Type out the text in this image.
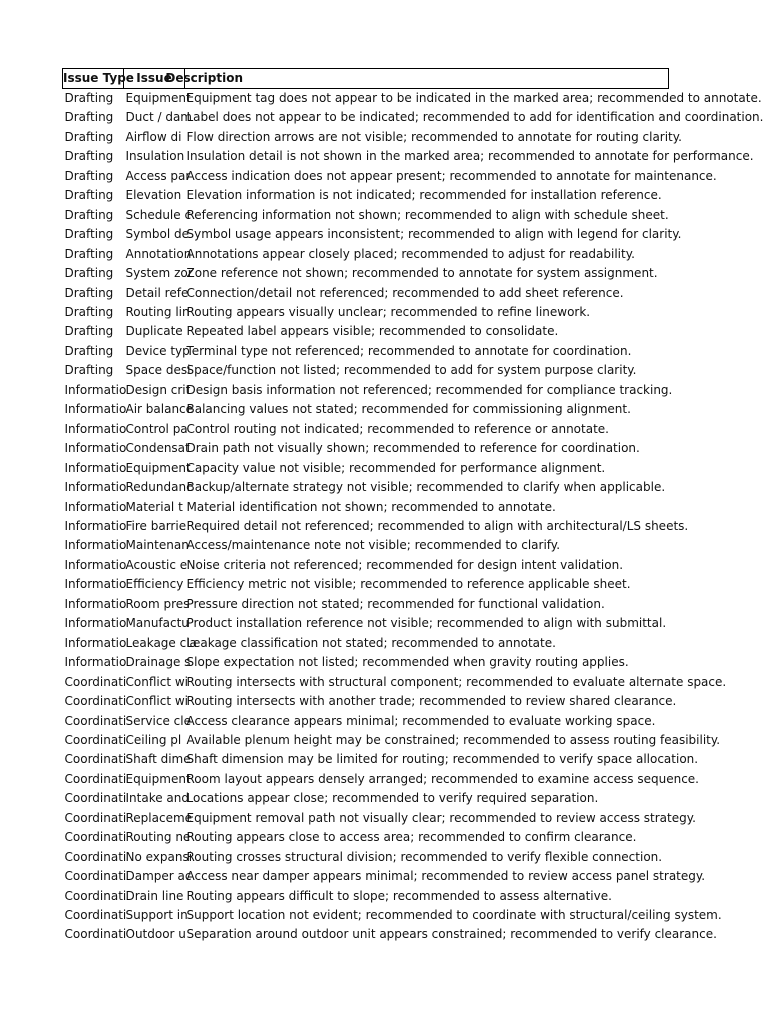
Issue Type	Issue	Description

Drafting	Equipment	Equipment tag does not appear to be indicated in the marked area; recommended to annotate.
Drafting	Duct / dam	Label does not appear to be indicated; recommended to add for identification and coordination.
Drafting	Airflow di	Flow direction arrows are not visible; recommended to annotate for routing clarity.
Drafting	Insulation	Insulation detail is not shown in the marked area; recommended to annotate for performance.
Drafting	Access par	Access indication does not appear present; recommended to annotate for maintenance.
Drafting	Elevation	Elevation information is not indicated; recommended for installation reference.
Drafting	Schedule c	Referencing information not shown; recommended to align with schedule sheet.
Drafting	Symbol de	Symbol usage appears inconsistent; recommended to align with legend for clarity.
Drafting	Annotation	Annotations appear closely placed; recommended to adjust for readability.
Drafting	System zor	Zone reference not shown; recommended to annotate for system assignment.
Drafting	Detail refe	Connection/detail not referenced; recommended to add sheet reference.
Drafting	Routing lin	Routing appears visually unclear; recommended to refine linework.
Drafting	Duplicate	Repeated label appears visible; recommended to consolidate.
Drafting	Device typ	Terminal type not referenced; recommended to annotate for coordination.
Drafting	Space desi	Space/function not listed; recommended to add for system purpose clarity.
Informatio	Design crit	Design basis information not referenced; recommended for compliance tracking.
Informatio	Air balance	Balancing values not stated; recommended for commissioning alignment.
Informatio	Control pa	Control routing not indicated; recommended to reference or annotate.
Informatio	Condensat	Drain path not visually shown; recommended to reference for coordination.
Informatio	Equipment	Capacity value not visible; recommended for performance alignment.
Informatio	Redundanc	Backup/alternate strategy not visible; recommended to clarify when applicable.
Informatio	Material t	Material identification not shown; recommended to annotate.
Informatio	Fire barrie	Required detail not referenced; recommended to align with architectural/LS sheets.
Informatio	Maintenan	Access/maintenance note not visible; recommended to clarify.
Informatio	Acoustic e	Noise criteria not referenced; recommended for design intent validation.
Informatio	Efficiency	Efficiency metric not visible; recommended to reference applicable sheet.
Informatio	Room pres	Pressure direction not stated; recommended for functional validation.
Informatio	Manufactu	Product installation reference not visible; recommended to align with submittal.
Informatio	Leakage cla	Leakage classification not stated; recommended to annotate.
Informatio	Drainage s	Slope expectation not listed; recommended when gravity routing applies.
Coordinati	Conflict wi	Routing intersects with structural component; recommended to evaluate alternate space.
Coordinati	Conflict wi	Routing intersects with another trade; recommended to review shared clearance.
Coordinati	Service cle	Access clearance appears minimal; recommended to evaluate working space.
Coordinati	Ceiling pl	Available plenum height may be constrained; recommended to assess routing feasibility.
Coordinati	Shaft dime	Shaft dimension may be limited for routing; recommended to verify space allocation.
Coordinati	Equipment	Room layout appears densely arranged; recommended to examine access sequence.
Coordinati	Intake and	Locations appear close; recommended to verify required separation.
Coordinati	Replaceme	Equipment removal path not visually clear; recommended to review access strategy.
Coordinati	Routing ne	Routing appears close to access area; recommended to confirm clearance.
Coordinati	No expansi	Routing crosses structural division; recommended to verify flexible connection.
Coordinati	Damper ac	Access near damper appears minimal; recommended to review access panel strategy.
Coordinati	Drain line	Routing appears difficult to slope; recommended to assess alternative.
Coordinati	Support in	Support location not evident; recommended to coordinate with structural/ceiling system.
Coordinati	Outdoor u	Separation around outdoor unit appears constrained; recommended to verify clearance.
